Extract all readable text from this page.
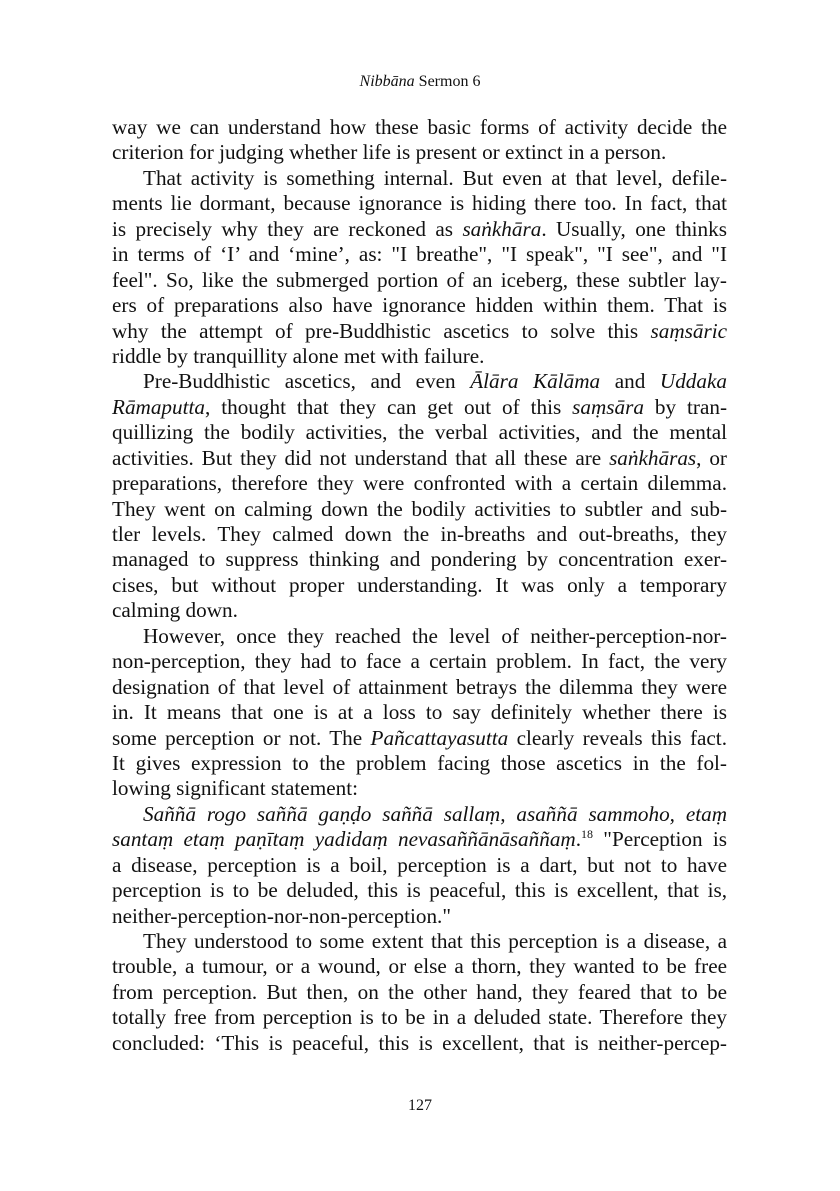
Nibbāna Sermon 6
way we can understand how these basic forms of activity decide the
criterion for judging whether life is present or extinct in a person.
That activity is something internal. But even at that level, defile-
ments lie dormant, because ignorance is hiding there too. In fact, that
is precisely why they are reckoned as saṅkhāra. Usually, one thinks
in terms of ‘I’ and ‘mine’, as: "I breathe", "I speak", "I see", and "I
feel". So, like the submerged portion of an iceberg, these subtler lay-
ers of preparations also have ignorance hidden within them. That is
why the attempt of pre-Buddhistic ascetics to solve this saṃsāric
riddle by tranquillity alone met with failure.
Pre-Buddhistic ascetics, and even Ālāra Kālāma and Uddaka
Rāmaputta, thought that they can get out of this saṃsāra by tran-
quillizing the bodily activities, the verbal activities, and the mental
activities. But they did not understand that all these are saṅkhāras, or
preparations, therefore they were confronted with a certain dilemma.
They went on calming down the bodily activities to subtler and sub-
tler levels. They calmed down the in-breaths and out-breaths, they
managed to suppress thinking and pondering by concentration exer-
cises, but without proper understanding. It was only a temporary
calming down.
However, once they reached the level of neither-perception-nor-
non-perception, they had to face a certain problem. In fact, the very
designation of that level of attainment betrays the dilemma they were
in. It means that one is at a loss to say definitely whether there is
some perception or not. The Pañcattayasutta clearly reveals this fact.
It gives expression to the problem facing those ascetics in the fol-
lowing significant statement:
Saññā rogo saññā gaṇḍo saññā sallaṃ, asaññā sammoho, etaṃ
santaṃ etaṃ paṇītaṃ yadidaṃ nevasaññānāsaññaṃ.$^{18}$ "Perception is
a disease, perception is a boil, perception is a dart, but not to have
perception is to be deluded, this is peaceful, this is excellent, that is,
neither-perception-nor-non-perception."
They understood to some extent that this perception is a disease, a
trouble, a tumour, or a wound, or else a thorn, they wanted to be free
from perception. But then, on the other hand, they feared that to be
totally free from perception is to be in a deluded state. Therefore they
concluded: ‘This is peaceful, this is excellent, that is neither-percep-
127
